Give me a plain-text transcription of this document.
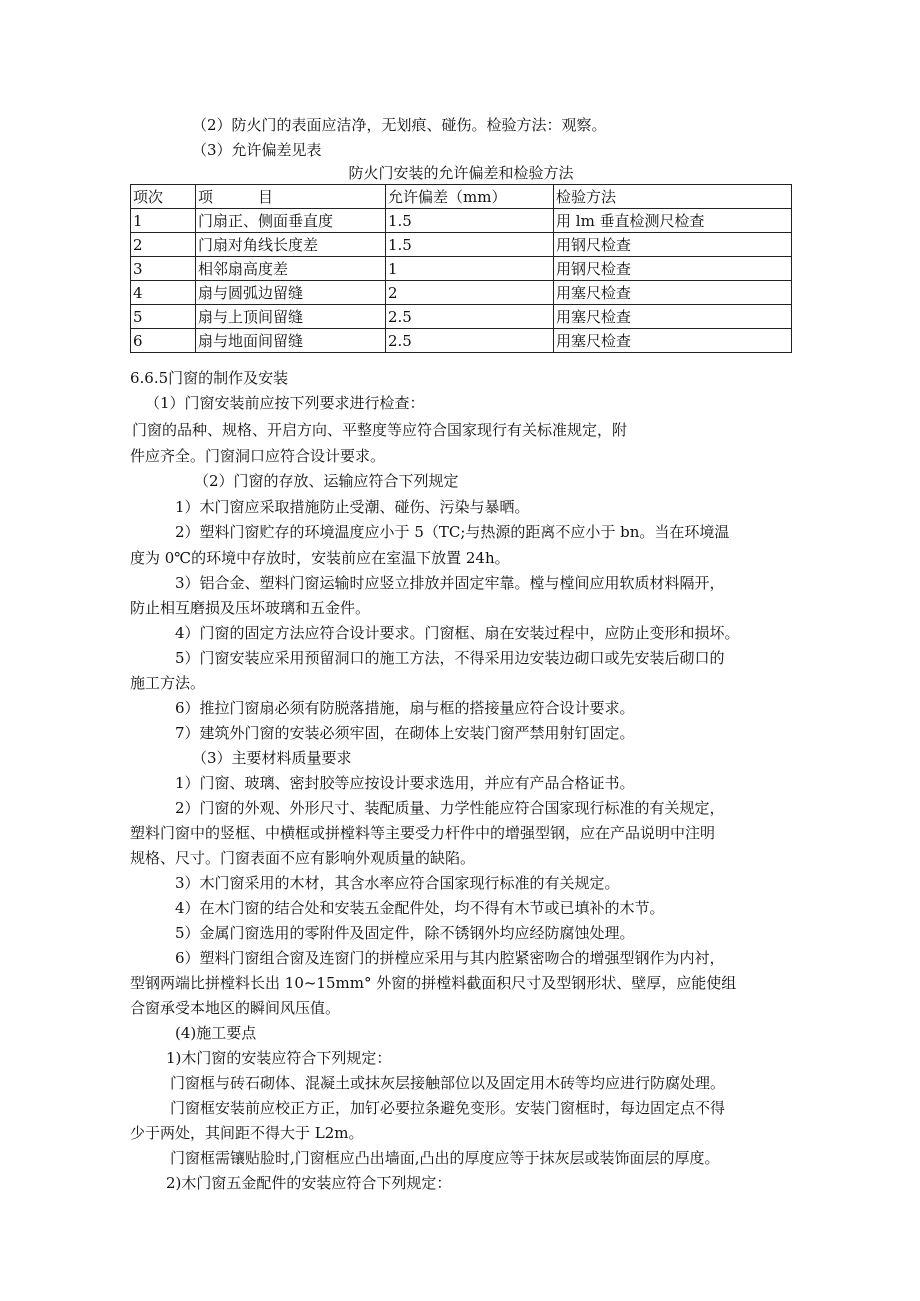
（2）防火门的表面应洁净，无划痕、碰伤。检验方法：观察。
（3）允许偏差见表
防火门安装的允许偏差和检验方法
项次	项　　　目	允许偏差（mm）	检验方法
1	门扇正、侧面垂直度	1.5	用 lm 垂直检测尺检查
2	门扇对角线长度差	1.5	用钢尺检查
3	相邻扇高度差	1	用钢尺检查
4	扇与圆弧边留缝	2	用塞尺检查
5	扇与上顶间留缝	2.5	用塞尺检查
6	扇与地面间留缝	2.5	用塞尺检查
6.6.5门窗的制作及安装
（1）门窗安装前应按下列要求进行检查：
门窗的品种、规格、开启方向、平整度等应符合国家现行有关标准规定，附
件应齐全。门窗洞口应符合设计要求。
（2）门窗的存放、运输应符合下列规定
1）木门窗应采取措施防止受潮、碰伤、污染与暴晒。
2）塑料门窗贮存的环境温度应小于 5（TC;与热源的距离不应小于 bn。当在环境温
度为 0℃的环境中存放时，安装前应在室温下放置 24h。
3）铝合金、塑料门窗运输时应竖立排放并固定牢靠。樘与樘间应用软质材料隔开，
防止相互磨损及压坏玻璃和五金件。
4）门窗的固定方法应符合设计要求。门窗框、扇在安装过程中，应防止变形和损坏。
5）门窗安装应采用预留洞口的施工方法，不得采用边安装边砌口或先安装后砌口的
施工方法。
6）推拉门窗扇必须有防脱落措施，扇与框的搭接量应符合设计要求。
7）建筑外门窗的安装必须牢固，在砌体上安装门窗严禁用射钉固定。
（3）主要材料质量要求
1）门窗、玻璃、密封胶等应按设计要求选用，并应有产品合格证书。
2）门窗的外观、外形尺寸、装配质量、力学性能应符合国家现行标准的有关规定，
塑料门窗中的竖框、中横框或拼樘料等主要受力杆件中的增强型钢，应在产品说明中注明
规格、尺寸。门窗表面不应有影响外观质量的缺陷。
3）木门窗采用的木材，其含水率应符合国家现行标准的有关规定。
4）在木门窗的结合处和安装五金配件处，均不得有木节或已填补的木节。
5）金属门窗选用的零附件及固定件，除不锈钢外均应经防腐蚀处理。
6）塑料门窗组合窗及连窗门的拼樘应采用与其内腔紧密吻合的增强型钢作为内衬，
型钢两端比拼樘料长出 10~15mm° 外窗的拼樘料截面积尺寸及型钢形状、壁厚，应能使组
合窗承受本地区的瞬间风压值。
(4)施工要点
1)木门窗的安装应符合下列规定：
门窗框与砖石砌体、混凝土或抹灰层接触部位以及固定用木砖等均应进行防腐处理。
门窗框安装前应校正方正，加钉必要拉条避免变形。安装门窗框时，每边固定点不得
少于两处，其间距不得大于 L2m。
门窗框需镶贴脸时,门窗框应凸出墙面,凸出的厚度应等于抹灰层或装饰面层的厚度。
2)木门窗五金配件的安装应符合下列规定：
